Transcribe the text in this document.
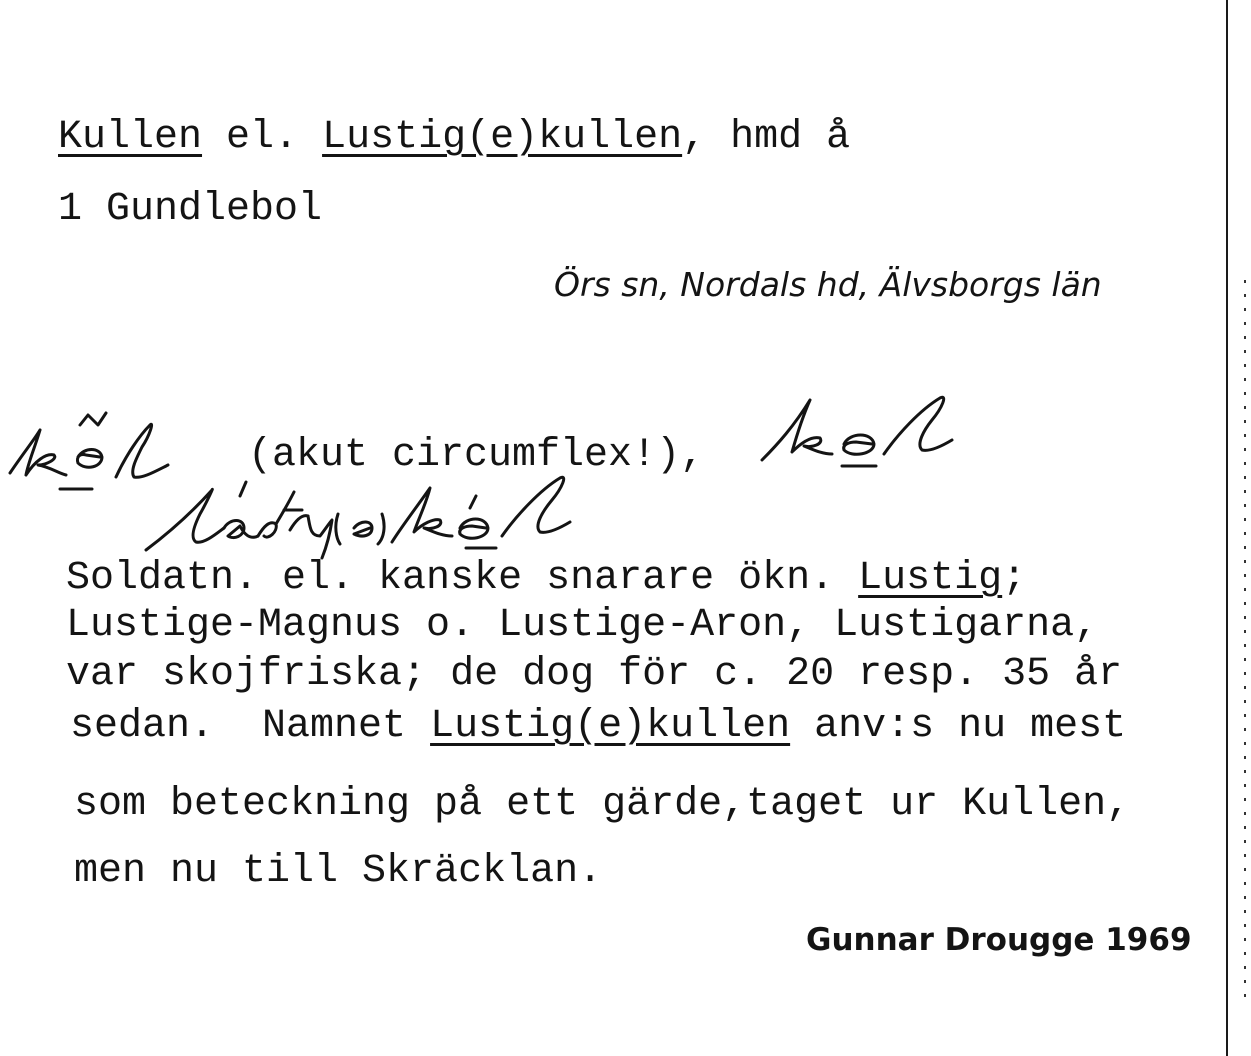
Kullen el. Lustig(e)kullen, hmd å
1 Gundlebol
Örs sn, Nordals hd, Älvsborgs län
(akut circumflex!),
Soldatn. el. kanske snarare ökn. Lustig;
Lustige-Magnus o. Lustige-Aron, Lustigarna,
var skojfriska; de dog för c. 20 resp. 35 år
sedan.  Namnet Lustig(e)kullen anv:s nu mest
som beteckning på ett gärde,taget ur Kullen,
men nu till Skräcklan.
Gunnar Drougge 1969
